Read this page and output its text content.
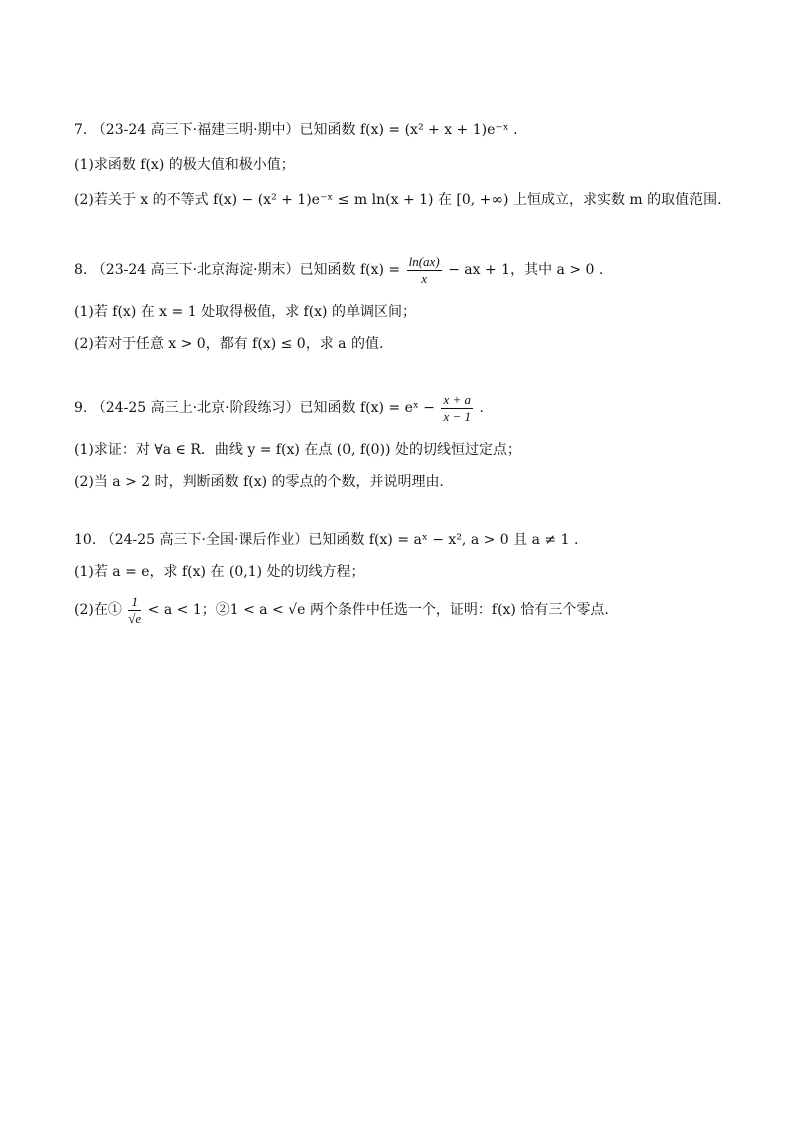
7. （23-24 高三下·福建三明·期中）已知函数 f(x) = (x² + x + 1)e⁻ˣ .
(1)求函数 f(x) 的极大值和极小值；
(2)若关于 x 的不等式 f(x) − (x² + 1)e⁻ˣ ≤ m ln(x + 1) 在 [0, +∞) 上恒成立，求实数 m 的取值范围.
8. （23-24 高三下·北京海淀·期末）已知函数 $f(x) = \frac{\ln(ax)}{x}$ − ax + 1，其中 a > 0 .
(1)若 f(x) 在 x = 1 处取得极值，求 f(x) 的单调区间；
(2)若对于任意 x > 0，都有 f(x) ≤ 0，求 a 的值.
9. （24-25 高三上·北京·阶段练习）已知函数 f(x) = eˣ − $\frac{x + a}{x - 1}$ .
(1)求证：对 ∀a ∈ R．曲线 y = f(x) 在点 (0, f(0)) 处的切线恒过定点；
(2)当 a > 2 时，判断函数 f(x) 的零点的个数，并说明理由.
10. （24-25 高三下·全国·课后作业）已知函数 f(x) = aˣ − x², a > 0 且 a ≠ 1 .
(1)若 a = e，求 f(x) 在 (0,1) 处的切线方程；
(2)在① $\frac{1}{√e} < a < 1$；②1 < a < √e 两个条件中任选一个，证明：f(x) 恰有三个零点.
